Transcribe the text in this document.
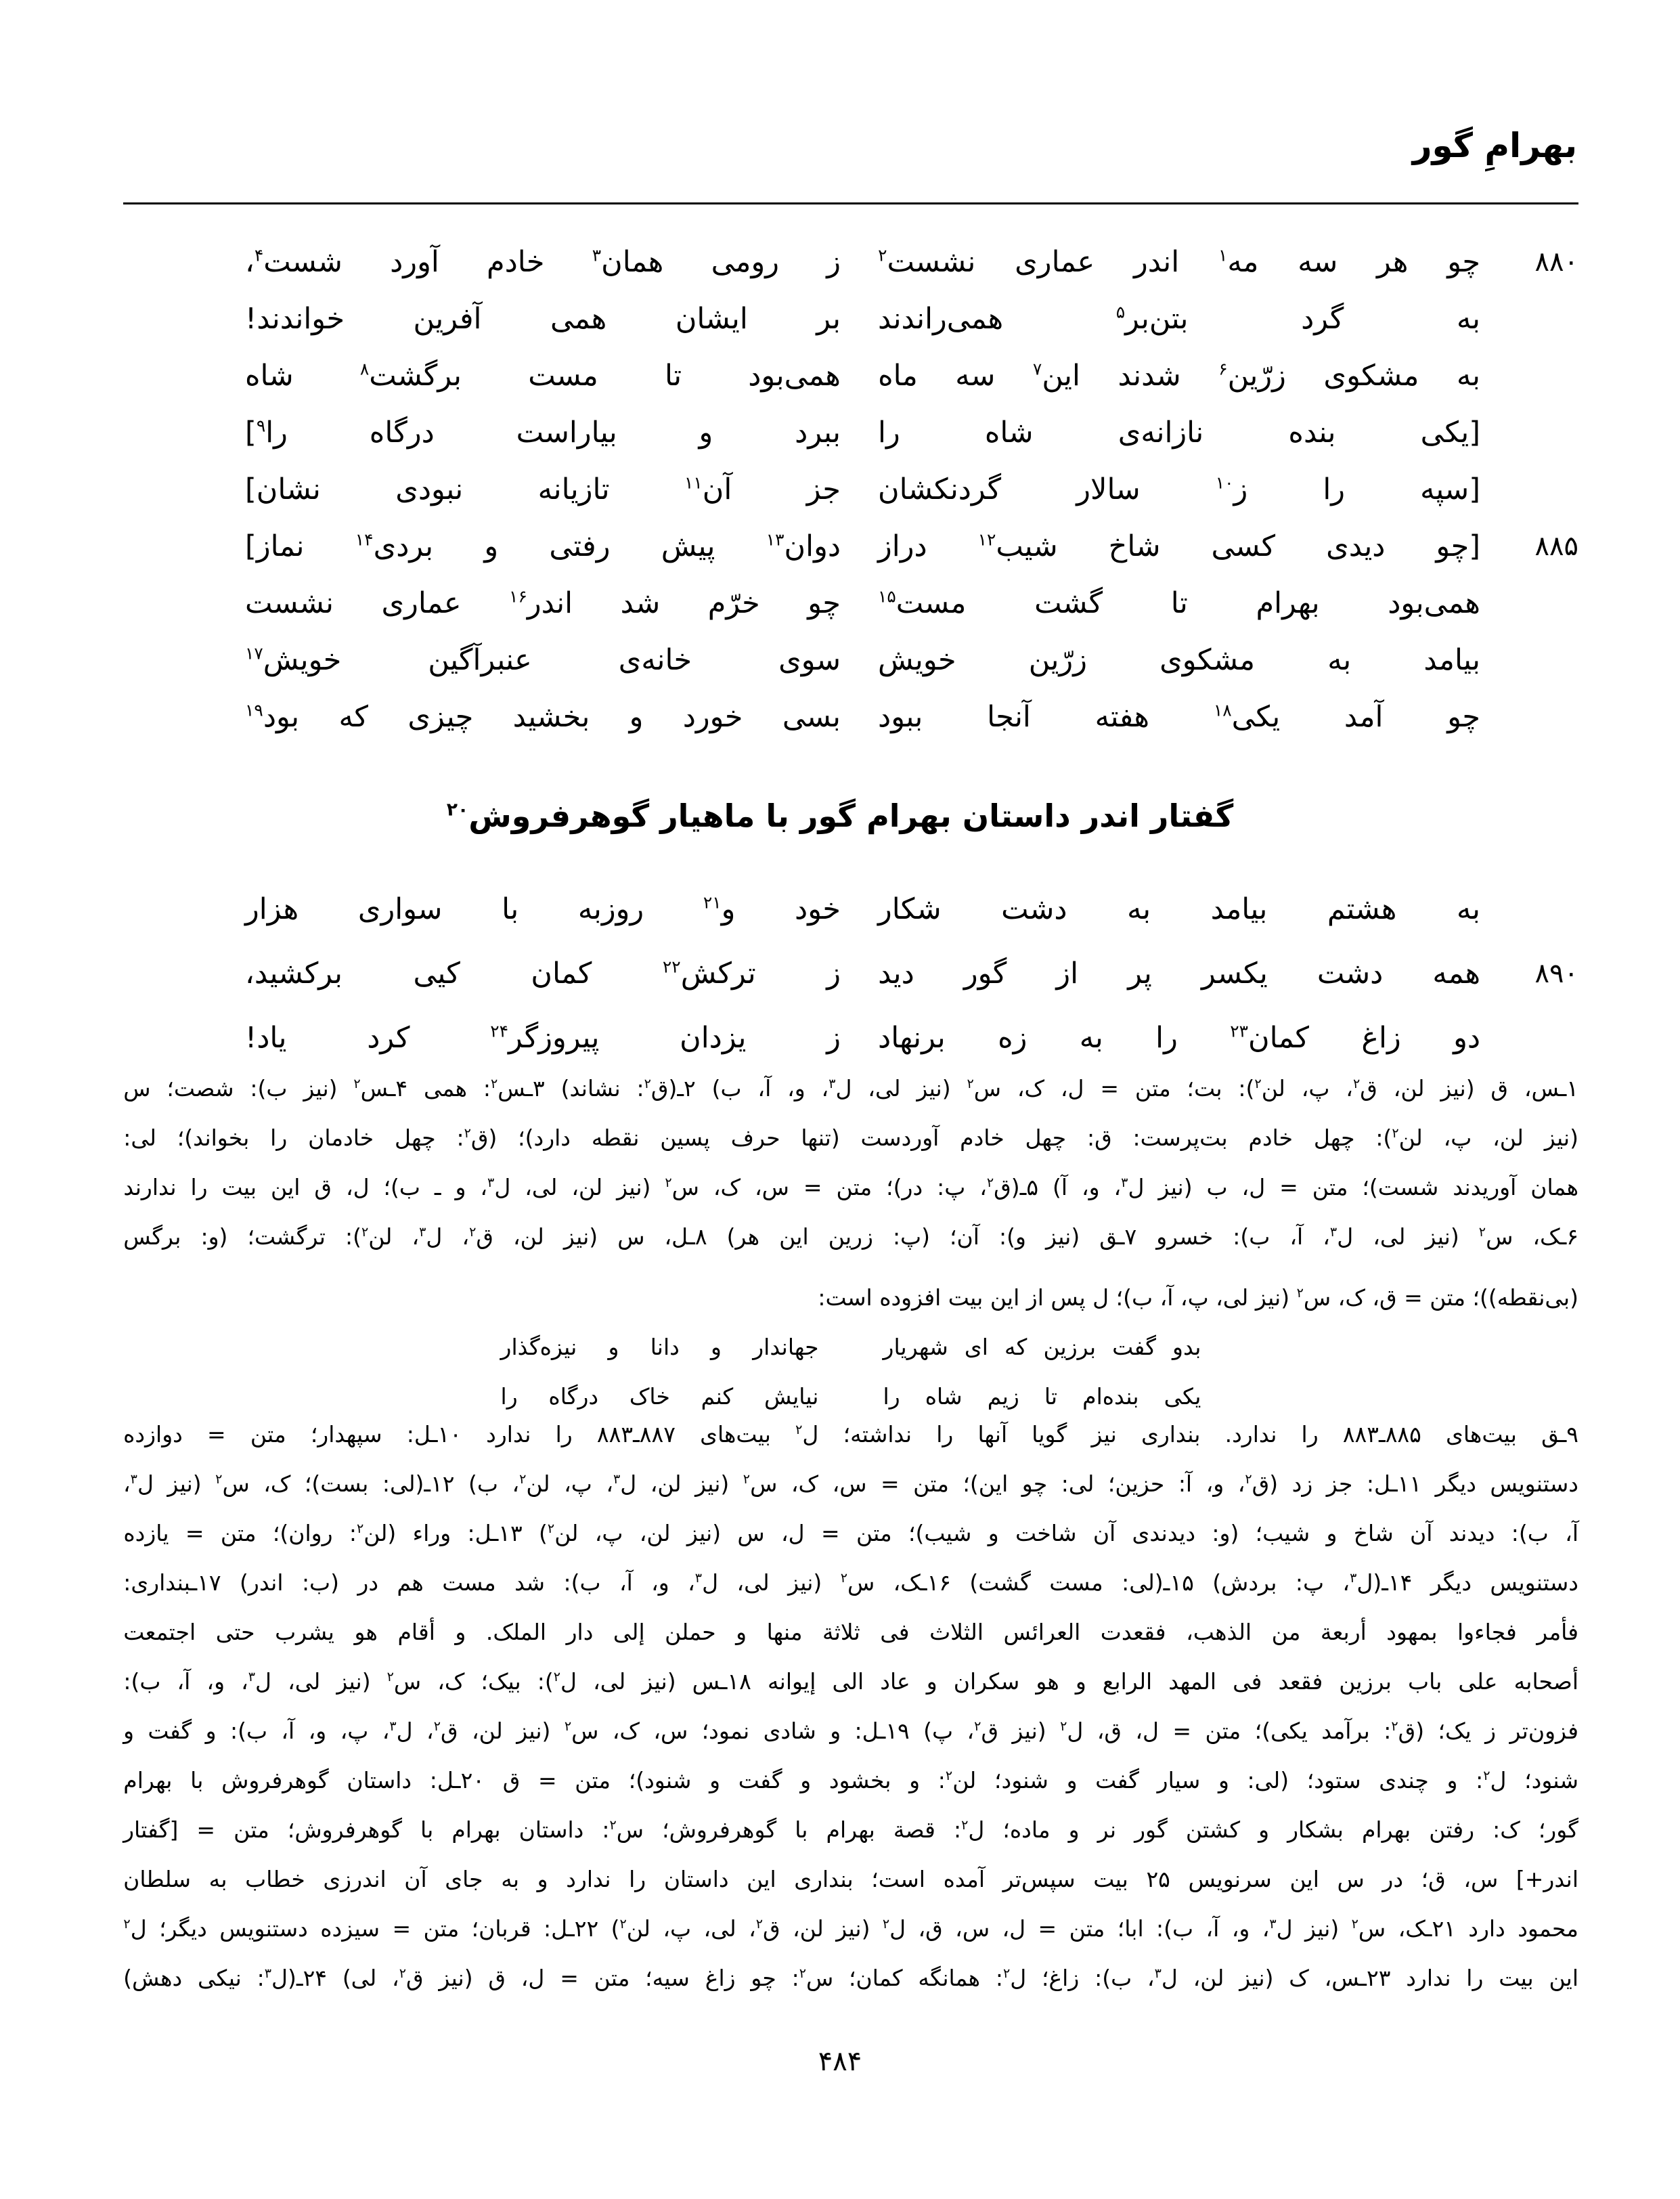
بهرامِ گور
۸۸۰
چو
هر
سه
مه$^۱$
اندر
عماری
نشست$^۲$
ز
رومی
همان$^۳$
خادم
آورد
شست$^۴$،
به
گرد
بتن‌بر$^۵$
همی‌راندند
بر
ایشان
همی
آفرین
خواندند!
به
مشکوی
زرّین$^۶$
شدند
این$^۷$
سه
ماه
همی‌بود
تا
مست
برگشت$^۸$
شاه
[یکی
بنده
نازانه‌ی
شاه
را
ببرد
و
بیاراست
درگاه
را$^۹$]
[سپه
را
ز$^{۱۰}$
سالار
گردنکشان
جز
آن$^{۱۱}$
تازیانه
نبودی
نشان]
۸۸۵
[چو
دیدی
کسی
شاخ
شیب$^{۱۲}$
دراز
دوان$^{۱۳}$
پیش
رفتی
و
بردی$^{۱۴}$
نماز]
همی‌بود
بهرام
تا
گشت
مست$^{۱۵}$
چو
خرّم
شد
اندر$^{۱۶}$
عماری
نشست
بیامد
به
مشکوی
زرّین
خویش
سوی
خانه‌ی
عنبرآگین
خویش$^{۱۷}$
چو
آمد
یکی$^{۱۸}$
هفته
آنجا
ببود
بسی
خورد
و
بخشید
چیزی
که
بود$^{۱۹}$
گفتار اندر داستان بهرام گور با ماهیار گوهرفروش$^{۲۰}$
به
هشتم
بیامد
به
دشت
شکار
خود
و$^{۲۱}$
روزبه
با
سواری
هزار
۸۹۰
همه
دشت
یکسر
پر
از
گور
دید
ز
ترکش$^{۲۲}$
کمان
کیی
برکشید،
دو
زاغ
کمان$^{۲۳}$
را
به
زه
برنهاد
ز
یزدان
پیروزگر$^{۲۴}$
کرد
یاد!
۱ـس،
ق
(نیز
لن،
ق$^۲$،
پ،
لن$^۲$):
بت؛
متن
=
ل،
ک،
س$^۲$
(نیز
لی،
ل$^۳$،
و،
آ،
ب)
۲ـ(ق$^۲$:
نشاند)
۳ـس$^۲$:
همی
۴ـس$^۲$
(نیز
ب):
شصت؛
س
(نیز
لن،
پ،
لن$^۲$):
چهل
خادم
بت‌پرست:
ق:
چهل
خادم
آوردست
(تنها
حرف
پسین
نقطه
دارد)؛
(ق$^۲$:
چهل
خادمان
را
بخواند)؛
لی:
همان
آوریدند
شست)؛
متن
=
ل،
ب
(نیز
ل$^۳$،
و،
آ)
۵ـ(ق$^۲$،
پ:
در)؛
متن
=
س،
ک،
س$^۲$
(نیز
لن،
لی،
ل$^۳$،
و
ـ
ب)؛
ل،
ق
این
بیت
را
ندارند
۶ـک،
س$^۲$
(نیز
لی،
ل$^۳$،
آ،
ب):
خسرو
۷ـق
(نیز
و):
آن؛
(پ:
زرین
این
هر)
۸ـل،
س
(نیز
لن،
ق$^۲$،
ل$^۳$،
لن$^۲$):
ترگشت؛
(و:
برگس
(بی‌نقطه))؛ متن = ق، ک، س$^۲$ (نیز لی، پ، آ، ب)؛ ل پس از این بیت افزوده است:
بدو
گفت
برزین
که
ای
شهریار
جهاندار
و
دانا
و
نیزه‌گذار
یکی
بنده‌ام
تا
زیم
شاه
را
نیایش
کنم
خاک
درگاه
را
۹ـق
بیت‌های
۸۸۵ـ۸۸۳
را
ندارد.
بنداری
نیز
گویا
آنها
را
نداشته؛
ل$^۲$
بیت‌های
۸۸۷ـ۸۸۳
را
ندارد
۱۰ـل:
سپهدار؛
متن
=
دوازده
دستنویس
دیگر
۱۱ـل:
جز
زد
(ق$^۲$،
و،
آ:
حزین؛
لی:
چو
این)؛
متن
=
س،
ک،
س$^۲$
(نیز
لن،
ل$^۳$،
پ،
لن$^۲$،
ب)
۱۲ـ(لی:
بست)؛
ک،
س$^۲$
(نیز
ل$^۳$،
آ،
ب):
دیدند
آن
شاخ
و
شیب؛
(و:
دیدندی
آن
شاخت
و
شیب)؛
متن
=
ل،
س
(نیز
لن،
پ،
لن$^۲$)
۱۳ـل:
وراء
(لن$^۲$:
روان)؛
متن
=
یازده
دستنویس
دیگر
۱۴ـ(ل$^۳$،
پ:
بردش)
۱۵ـ(لی:
مست
گشت)
۱۶ـک،
س$^۲$
(نیز
لی،
ل$^۳$،
و،
آ،
ب):
شد
مست
هم
در
(ب:
اندر)
۱۷ـبنداری:
فأمر
فجاءوا
بمهود
أربعة
من
الذهب،
فقعدت
العرائس
الثلاث
فی
ثلاثة
منها
و
حملن
إلی
دار
الملک.
و
أقام
هو
یشرب
حتی
اجتمعت
أصحابه
علی
باب
برزین
فقعد
فی
المهد
الرابع
و
هو
سکران
و
عاد
الی
إیوانه
۱۸ـس
(نیز
لی،
ل$^۲$):
بیک؛
ک،
س$^۲$
(نیز
لی،
ل$^۳$،
و،
آ،
ب):
فزون‌تر
ز
یک؛
(ق$^۲$:
برآمد
یکی)؛
متن
=
ل،
ق،
ل$^۲$
(نیز
ق$^۲$،
پ)
۱۹ـل:
و
شادی
نمود؛
س،
ک،
س$^۲$
(نیز
لن،
ق$^۲$،
ل$^۳$،
پ،
و،
آ،
ب):
و
گفت
و
شنود؛
ل$^۲$:
و
چندی
ستود؛
(لی:
و
سیار
گفت
و
شنود؛
لن$^۲$:
و
بخشود
و
گفت
و
شنود)؛
متن
=
ق
۲۰ـل:
داستان
گوهرفروش
با
بهرام
گور؛
ک:
رفتن
بهرام
بشکار
و
کشتن
گور
نر
و
ماده؛
ل$^۲$:
قصة
بهرام
با
گوهرفروش؛
س$^۲$:
داستان
بهرام
با
گوهرفروش؛
متن
=
[گفتار
اندر+]
س،
ق؛
در
س
این
سرنویس
۲۵
بیت
سپس‌تر
آمده
است؛
بنداری
این
داستان
را
ندارد
و
به
جای
آن
اندرزی
خطاب
به
سلطان
محمود
دارد
۲۱ـک،
س$^۲$
(نیز
ل$^۳$،
و،
آ،
ب):
ابا؛
متن
=
ل،
س،
ق،
ل$^۲$
(نیز
لن،
ق$^۲$،
لی،
پ،
لن$^۲$)
۲۲ـل:
قربان؛
متن
=
سیزده
دستنویس
دیگر؛
ل$^۲$
این
بیت
را
ندارد
۲۳ـس،
ک
(نیز
لن،
ل$^۳$،
ب):
زاغ؛
ل$^۲$:
همانگه
کمان؛
س$^۲$:
چو
زاغ
سیه؛
متن
=
ل،
ق
(نیز
ق$^۲$،
لی)
۲۴ـ(ل$^۳$:
نیکی
دهش)
۴۸۴
